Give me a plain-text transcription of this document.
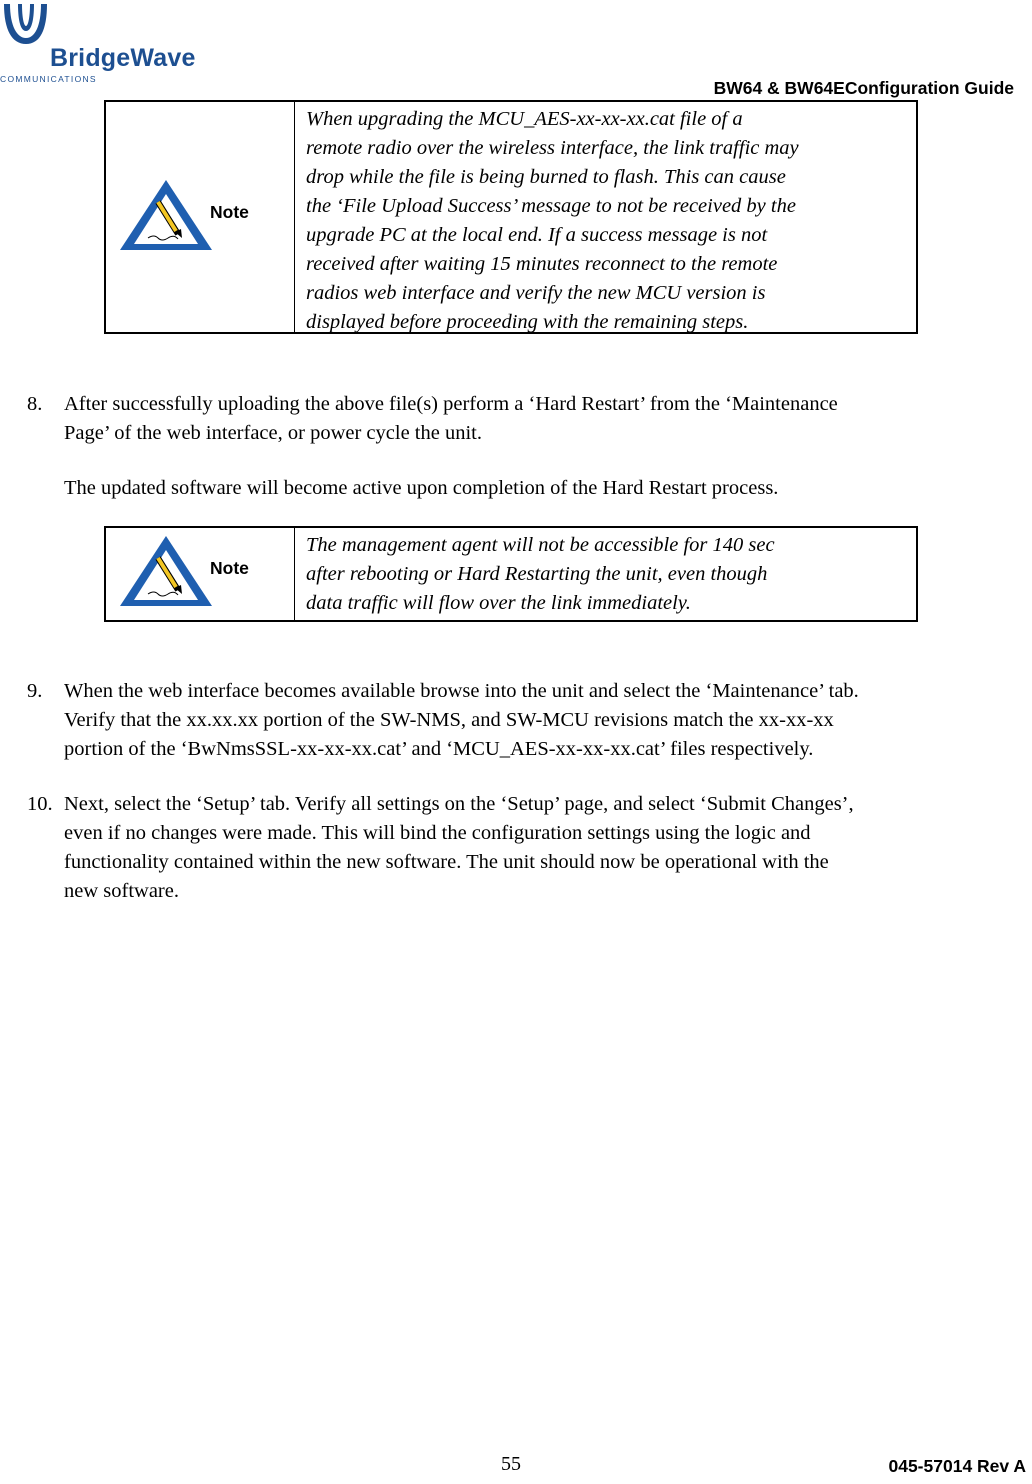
BridgeWave
COMMUNICATIONS	BW64 & BW64EConfiguration Guide
Note
When upgrading the MCU_AES-xx-xx-xx.cat file of a
remote radio over the wireless interface, the link traffic may
drop while the file is being burned to flash. This can cause
the ‘File Upload Success’ message to not be received by the
upgrade PC at the local end. If a success message is not
received after waiting 15 minutes reconnect to the remote
radios web interface and verify the new MCU version is
displayed before proceeding with the remaining steps.
8. After successfully uploading the above file(s) perform a ‘Hard Restart’ from the ‘Maintenance
Page’ of the web interface, or power cycle the unit.
The updated software will become active upon completion of the Hard Restart process.
Note
The management agent will not be accessible for 140 sec
after rebooting or Hard Restarting the unit, even though
data traffic will flow over the link immediately.
9. When the web interface becomes available browse into the unit and select the ‘Maintenance’ tab.
Verify that the xx.xx.xx portion of the SW-NMS, and SW-MCU revisions match the xx-xx-xx
portion of the ‘BwNmsSSL-xx-xx-xx.cat’ and ‘MCU_AES-xx-xx-xx.cat’ files respectively.
10. Next, select the ‘Setup’ tab. Verify all settings on the ‘Setup’ page, and select ‘Submit Changes’,
even if no changes were made. This will bind the configuration settings using the logic and
functionality contained within the new software. The unit should now be operational with the
new software.
55	045-57014 Rev A
